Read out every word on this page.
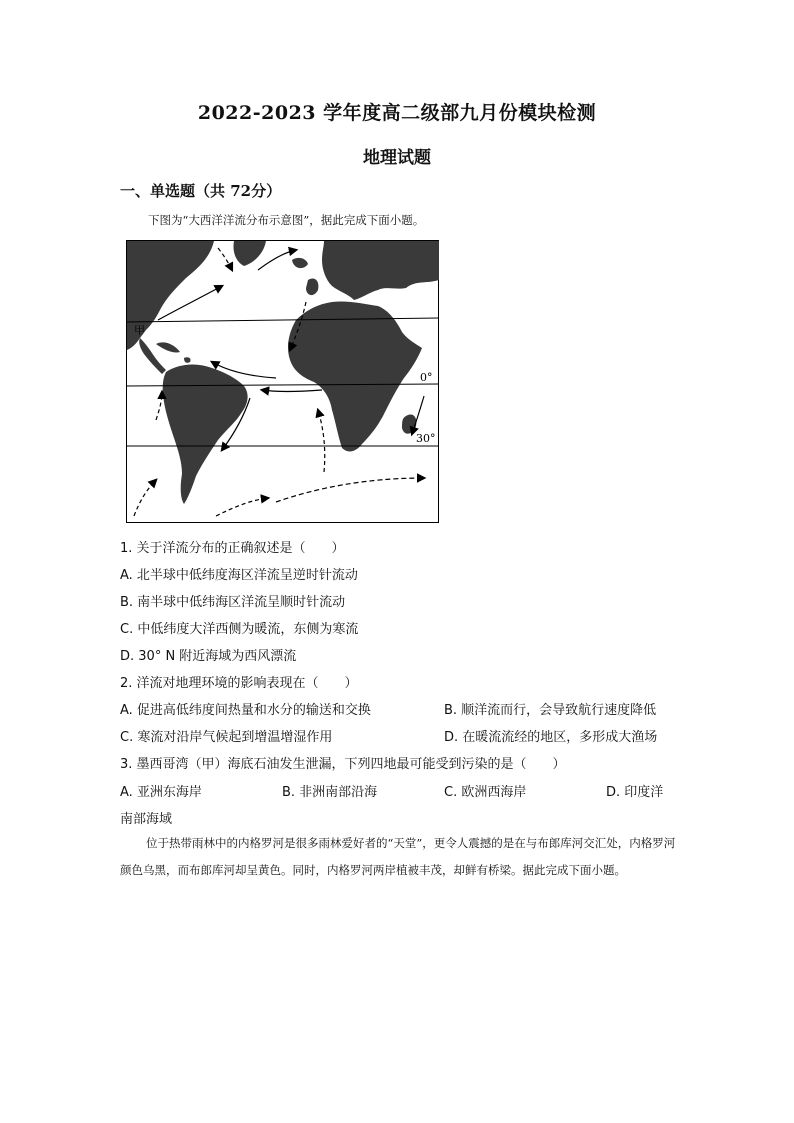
2022-2023 学年度高二级部九月份模块检测
地理试题
一、单选题（共 72分）
下图为“大西洋洋流分布示意图”，据此完成下面小题。
甲
0°
30°
1. 关于洋流分布的正确叙述是（　　）
A. 北半球中低纬度海区洋流呈逆时针流动
B. 南半球中低纬海区洋流呈顺时针流动
C. 中低纬度大洋西侧为暖流，东侧为寒流
D. 30° N 附近海域为西风漂流
2. 洋流对地理环境的影响表现在（　　）
A. 促进高低纬度间热量和水分的输送和交换	B. 顺洋流而行，会导致航行速度降低
C. 寒流对沿岸气候起到增温增湿作用	D. 在暖流流经的地区，多形成大渔场
3. 墨西哥湾（甲）海底石油发生泄漏，下列四地最可能受到污染的是（　　）
A. 亚洲东海岸	B. 非洲南部沿海	C. 欧洲西海岸	D. 印度洋
南部海域
位于热带雨林中的内格罗河是很多雨林爱好者的“天堂”，更令人震撼的是在与布郎库河交汇处，内格罗河颜色乌黑，而布郎库河却呈黄色。同时，内格罗河两岸植被丰茂，却鲜有桥梁。据此完成下面小题。
